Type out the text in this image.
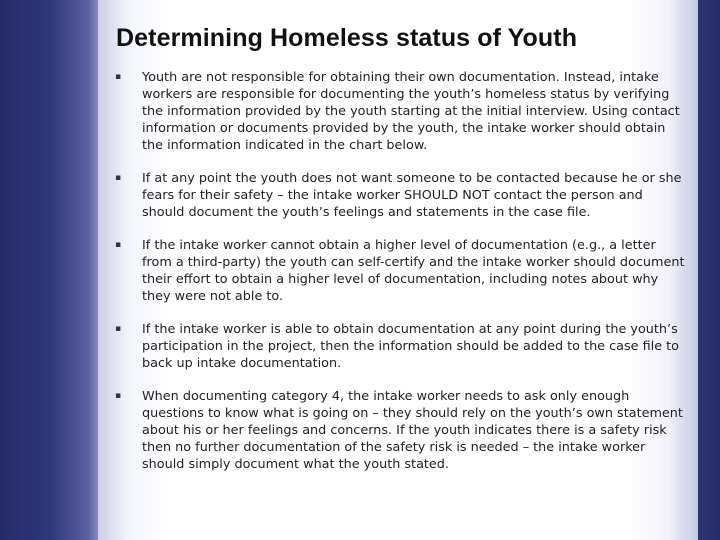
Determining Homeless status of Youth
▪ Youth are not responsible for obtaining their own documentation. Instead, intake workers are responsible for documenting the youth’s homeless status by verifying the information provided by the youth starting at the initial interview. Using contact information or documents provided by the youth, the intake worker should obtain the information indicated in the chart below.
▪ If at any point the youth does not want someone to be contacted because he or she fears for their safety – the intake worker SHOULD NOT contact the person and should document the youth’s feelings and statements in the case file.
▪ If the intake worker cannot obtain a higher level of documentation (e.g., a letter from a third-party) the youth can self-certify and the intake worker should document their effort to obtain a higher level of documentation, including notes about why they were not able to.
▪ If the intake worker is able to obtain documentation at any point during the youth’s participation in the project, then the information should be added to the case file to back up intake documentation.
▪ When documenting category 4, the intake worker needs to ask only enough questions to know what is going on – they should rely on the youth’s own statement about his or her feelings and concerns. If the youth indicates there is a safety risk then no further documentation of the safety risk is needed – the intake worker should simply document what the youth stated.
